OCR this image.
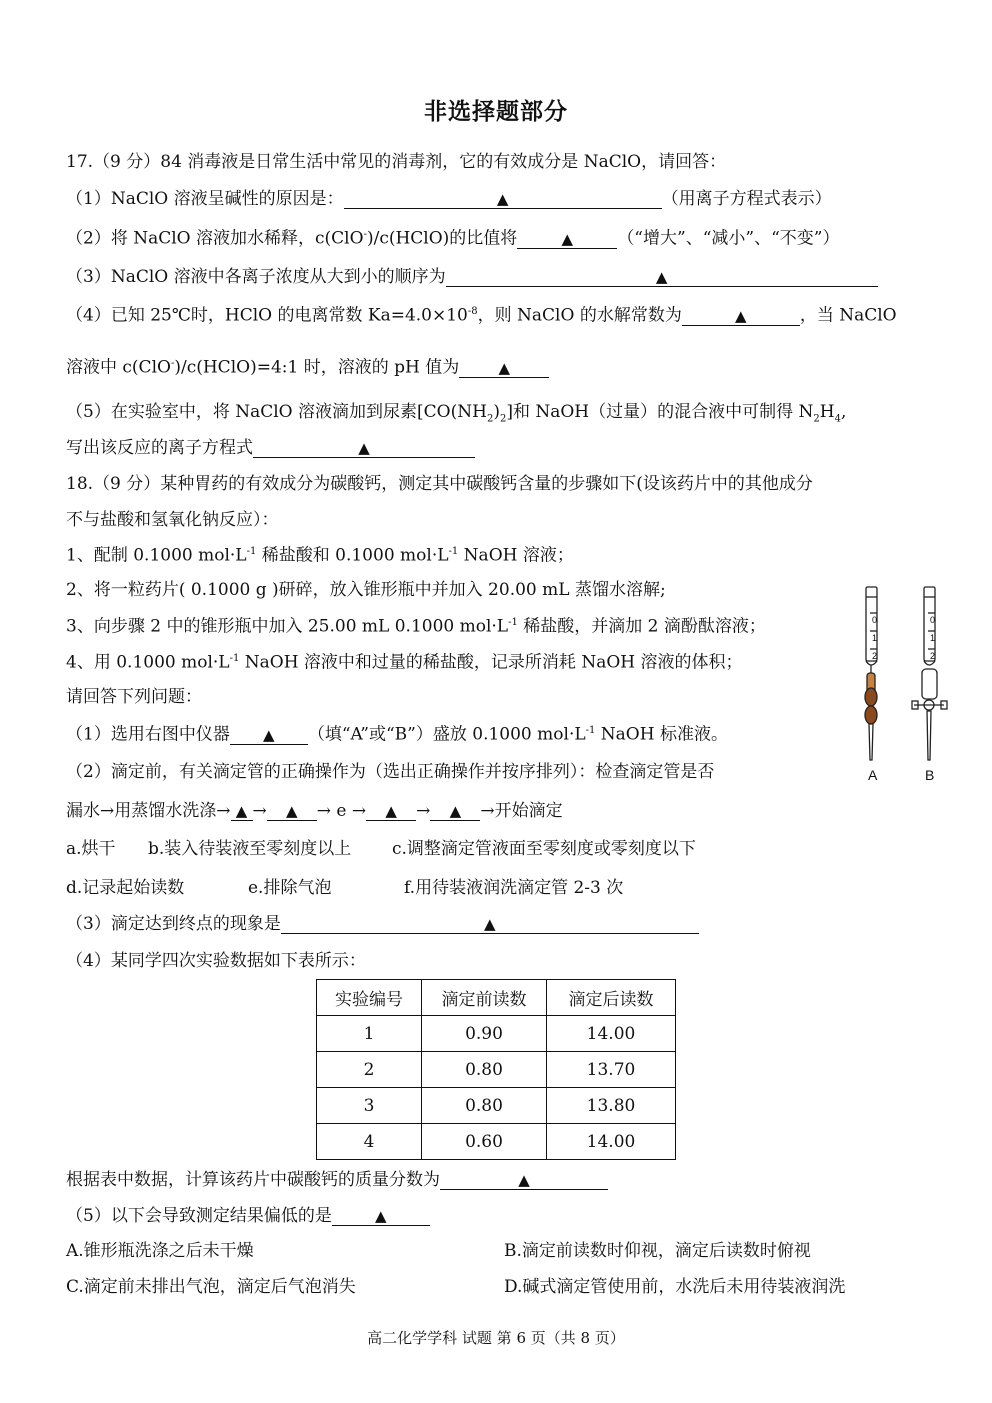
非选择题部分
17.（9 分）84 消毒液是日常生活中常见的消毒剂，它的有效成分是 NaClO，请回答：
（1）NaClO 溶液呈碱性的原因是：	▲	（用离子方程式表示）
（2）将 NaClO 溶液加水稀释，c(ClO-)/c(HClO)的比值将	▲	（“增大”、“减小”、“不变”）
（3）NaClO 溶液中各离子浓度从大到小的顺序为	▲
（4）已知 25℃时，HClO 的电离常数 $Ka=4.0\times 10^{-8}$，则 NaClO 的水解常数为	▲	，当 NaClO
溶液中 c(ClO-)/c(HClO)=4:1 时，溶液的 pH 值为	▲
（5）在实验室中，将 NaClO 溶液滴加到尿素$[CO(NH_2)_2]$和 NaOH（过量）的混合液中可制得 $N_2H_4$,
写出该反应的离子方程式	▲
18.（9 分）某种胃药的有效成分为碳酸钙，测定其中碳酸钙含量的步骤如下(设该药片中的其他成分
不与盐酸和氢氧化钠反应）：
1、配制 0.1000 $mol\cdot L^{-1}$ 稀盐酸和 0.1000 $mol\cdot L^{-1}$ NaOH 溶液；
2、将一粒药片( 0.1000 g )研碎，放入锥形瓶中并加入 20.00 mL 蒸馏水溶解;
3、向步骤 2 中的锥形瓶中加入 25.00 mL 0.1000 $mol\cdot L^{-1}$ 稀盐酸，并滴加 2 滴酚酞溶液；
4、用 0.1000 $mol\cdot L^{-1}$ NaOH 溶液中和过量的稀盐酸，记录所消耗 NaOH 溶液的体积；
请回答下列问题：
（1）选用右图中仪器 ▲ （填“A”或“B”）盛放 0.1000 $mol\cdot L^{-1}$ NaOH 标准液。
（2）滴定前，有关滴定管的正确操作为（选出正确操作并按序排列）：检查滴定管是否
漏水→用蒸馏水洗涤→ ▲ → ▲ → e → ▲ → ▲ →开始滴定
a.烘干 b.装入待装液至零刻度以上 c.调整滴定管液面至零刻度或零刻度以下
d.记录起始读数	e.排除气泡	f.用待装液润洗滴定管 2-3 次
（3）滴定达到终点的现象是	▲
（4）某同学四次实验数据如下表所示：
实验编号	滴定前读数	滴定后读数
1	0.90	14.00
2	0.80	13.70
3	0.80	13.80
4	0.60	14.00
根据表中数据，计算该药片中碳酸钙的质量分数为	▲
（5）以下会导致测定结果偏低的是	▲
A.锥形瓶洗涤之后未干燥	B.滴定前读数时仰视，滴定后读数时俯视
C.滴定前未排出气泡，滴定后气泡消失	D.碱式滴定管使用前，水洗后未用待装液润洗
0
1
2
0
1
2
A	B
高二化学学科 试题 第 6 页（共 8 页）
